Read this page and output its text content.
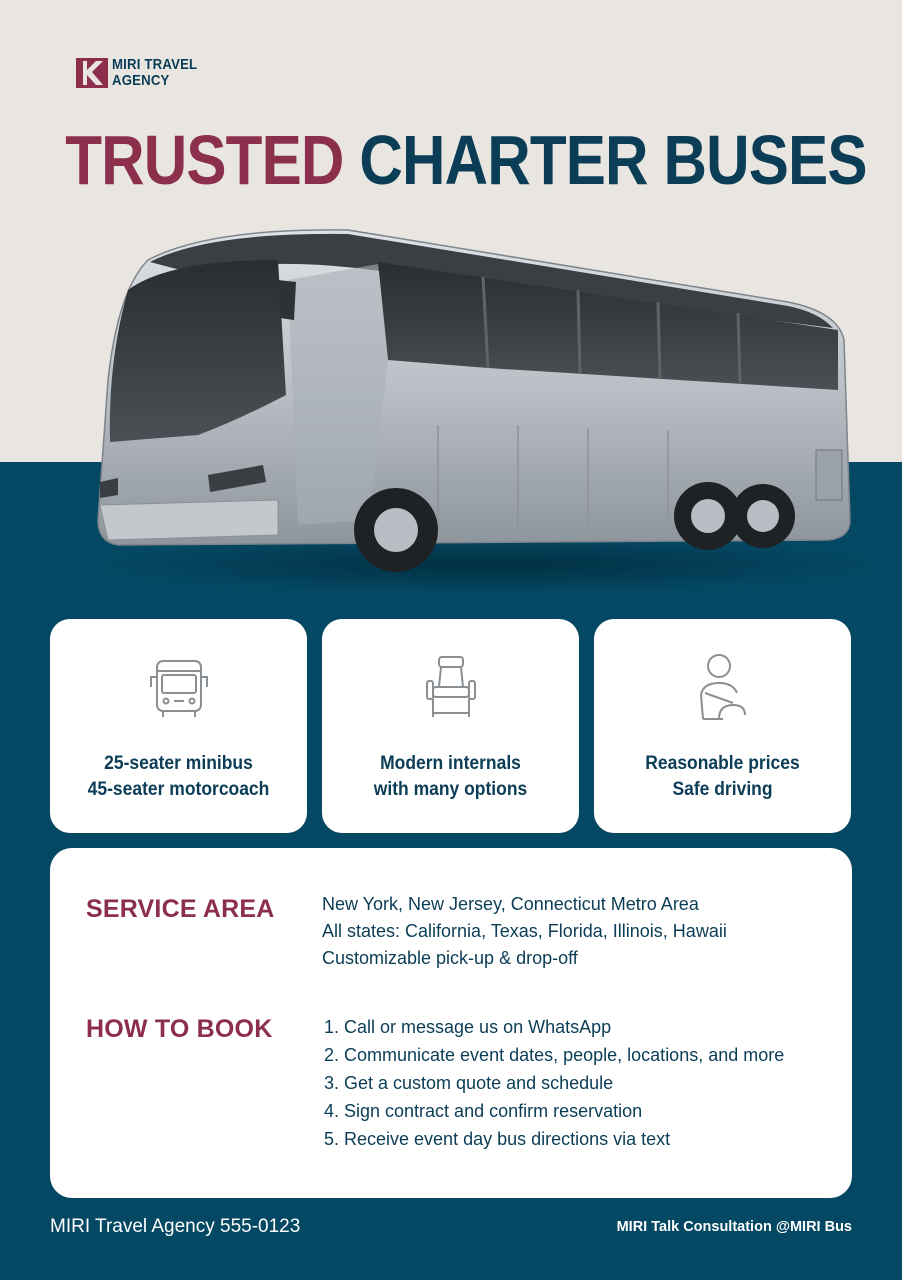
MIRI TRAVEL
AGENCY
TRUSTED CHARTER BUSES
25-seater minibus
45-seater motorcoach
Modern internals
with many options
Reasonable prices
Safe driving
SERVICE AREA	New York, New Jersey, Connecticut Metro Area
All states: California, Texas, Florida, Illinois, Hawaii
Customizable pick-up & drop-off
HOW TO BOOK
1.	Call or message us on WhatsApp
2. Communicate event dates, people, locations, and more
3. Get a custom quote and schedule
4. Sign contract and confirm reservation
5. Receive event day bus directions via text
MIRI Travel Agency 555-0123	MIRI Talk Consultation @MIRI Bus
